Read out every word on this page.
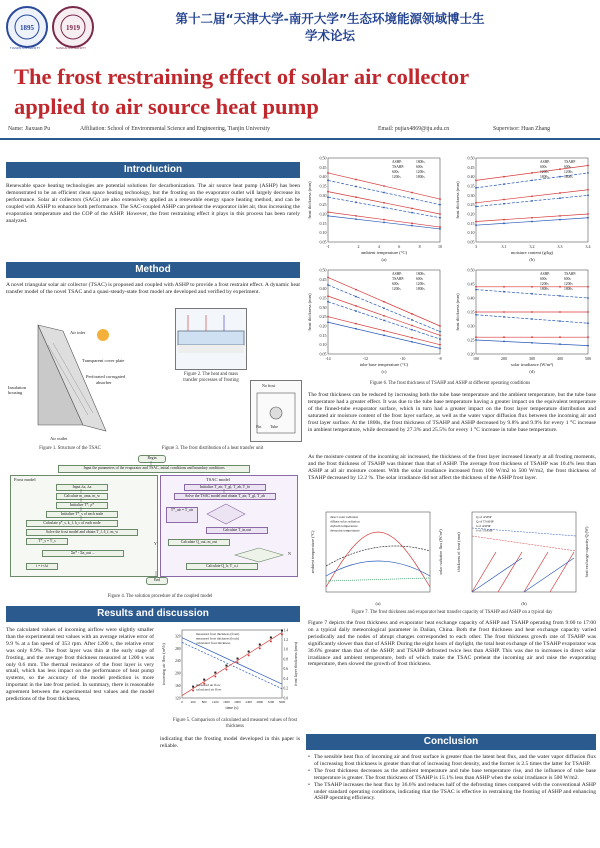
1895
TIANJIN UNIVERSITY
1919
NANKAI UNIVERSITY
第十二届“天津大学-南开大学”生态环境能源领域博士生
学术论坛
The frost restraining effect of solar air collector
applied to air source heat pump
Name: Jiaxuan Pu	Affiliation: School of Environmental Science and Engineering, Tianjin University	Email: pujiax4869@tju.edu.cn	Supervisor: Huan Zhang
Introduction
Renewable space heating technologies are potential solutions for decarbonization. The air source heat pump (ASHP) has been demonstrated to be an efficient clean space heating technology, but the frosting on the evaporator outlet will largely decrease its performance. Solar air collectors (SACs) are also extensively applied as a renewable energy space heating method, and can be coupled with ASHP to enhance both performance. The SAC-coupled ASHP can preheat the evaporator inlet air, thus increasing the evaporation temperature and the COP of the ASHP. However, the frost restraining effect it plays in this process has been rarely analyzed.
Method
A novel triangular solar air collector (TSAC) is proposed and coupled with ASHP to provide a frost restraint effect. A dynamic heat transfer model of the novel TSAC and a quasi-steady-state frost model are developed and verified by experiment.
Air inlet
Transparent cover plate
Perforated corrugated
absorber
Insulation housing
Air outlet
Figure 1. Structure of the TSAC
Figure 2. The heat and mass transfer processes of frosting
No frost
Tube
Fin
Figure 3. The frost distribution of a heat transfer unit
Begin
Input the parameters of the evaporator and TSAC, initial conditions and boundary conditions
Frost model	TSAC model
Input ∆z, ∆x
Calculate m_ama, m_w
Initialize T*, ρ*
Initialize T*_s of each node
Calculate ρ*_s, k_f, h_c of each node
Solve the frost model and obtain T_f, δ_f, m_w
T*_s = T_s
Σn* - Σn_out ...
t = t+∆t
Initialize T_air, T_gl, T_ab, T_fo
Solve the TSAC model and obtain T_air, T_gl, T_ab
T*_air = T_air
Calculate T_in,out
Calculate Q_out, m_out
Calculate Q_h, T_o,t
Y
N
End
Figure 4. The solution procedure of the coupled model
Results and discussion
The calculated values of incoming airflow were slightly smaller than the experimental test values with an average relative error of 9.9 % at a fan speed of 353 rpm. After 1200 s, the relative error was only 8.9%. The frost layer was thin at the early stage of frosting, and the average frost thickness measured at 1200 s was only 0.6 mm. The thermal resistance of the frost layer is very small, which has less impact on the performance of heat pump systems, so the accuracy of the model prediction is more important in the late frost period. In summary, there is reasonable agreement between the experimental test values and the model predictions of the frost thickness,	0 400 800 1200 1600 2000 2400 2800 3200 3600
120
160
200
240
280
320
0.0
0.2
0.4
0.6
0.8
1.0
1.2
1.4
time (s)
incoming air flow (m³/h)	frost layer thickness (mm)
measured frost thickness (front)
measured frost thickness (back)
calculated frost thickness
measured air flow
calculated air flow
Figure 5. Comparison of calculated and measured values of frost thickness
indicating that the frosting model developed in this paper is reliable.
-1	2	4	6	8	10
0.05
0.10
0.15
0.20
0.25
0.30
0.35
0.40
0.45
0.50
ambient temperature (°C)
frost thickness (mm)
(a)
ASHP:
TSAHP:
600s
1200s
1800s
600s
1200s
1800s
3	3.1	3.2	3.3	3.4
0.05
0.10
0.15
0.20
0.25
0.30
0.35
0.40
0.45
0.50
moisture content (g/kg)
frost thickness (mm)
(b)
ASHP:
600s
1200s
1800s
TSAHP
600s
1200s
1800s
-14	-12	-10	-8
0.05
0.10
0.15
0.20
0.25
0.30
0.35
0.40
0.45
0.50
tube base temperature (°C)
frost thickness (mm)
(c)
ASHP:
TSAHP:
600s
1200s
1800s
600s
1200s
1800s
100	200	300	400	500
0.20
0.25
0.30
0.35
0.40
0.45
0.50
solar irradiance (W/m²)
frost thickness (mm)
(d)
ASHP:
600s
1200s
1800s
TSAHP:
600s
1200s
1800s
Figure 6. The frost thickness of TSAHP and ASHP at different operating conditions
The frost thickness can be reduced by increasing both the tube base temperature and the ambient temperature, but the tube base temperature had a greater effect. It was due to the tube base temperature having a greater impact on the equivalent temperature of the finned-tube evaporator surface, which in turn had a greater impact on the frost layer temperature distribution and saturated air moisture content of the frost layer surface, as well as the water vapor diffusion flux between the incoming air and frost layer surface. At the 1800s, the frost thickness of TSAHP and ASHP decreased by 9.8% and 9.9% for every 1 °C increase in ambient temperature, while decreased by 27.3% and 25.5% for every 1 °C increase in tube base temperature.
As the moisture content of the incoming air increased, the thickness of the frost layer increased linearly at all frosting moments, and the frost thickness of TSAHP was thinner than that of ASHP. The average frost thickness of TSAHP was 10.4% less than ASHP at all air moisture content. With the solar irradiance increased from 100 W/m2 to 500 W/m2, the frost thickness of TSAHP decreased by 12.2 %. The solar irradiance did not affect the thickness of the ASHP frost layer.
ambient temperature (°C)	solar radiation flux (W/m²)
(a)
direct solar radiation
diffuse solar radiation
drybulb temperature
dewpoint temperature
thickness of frost (mm)	heat exchange capacity Q (W)
(b)
Q of ASHP
Q of TSAHP
δ of ASHP
δ of TSAHP
Figure 7. The frost thickness and evaporator heat transfer capacity of TSAHP and ASHP on a typical day
Figure 7 depicts the frost thickness and evaporator heat exchange capacity of ASHP and TSAHP operating from 9:00 to 17:00 on a typical daily meteorological parameter in Dalian, China. Both the frost thickness and heat exchange capacity varied periodically and the nodes of abrupt changes corresponded to each other. The frost thickness growth rate of TSAHP was significantly slower than that of ASHP. During the eight hours of daylight, the total heat exchange of the TSAHP evaporator was 36.6% greater than that of the ASHP, and TSAHP defrosted twice less than ASHP. This was due to increases in direct solar irradiance and ambient temperature, both of which make the TSAC preheat the incoming air and raise the evaporating temperature, then slowed the growth of frost thickness.
Conclusion
• The sensible heat flux of incoming air and frost surface is greater than the latent heat flux, and the water vapor diffusion flux of increasing frost thickness is greater than that of increasing frost density, and the former is 2.5 times the latter for TSAHP.
• The frost thickness decreases as the ambient temperature and tube base temperature rise, and the influence of tube base temperature is greater. The frost thickness of TSAHP is 15.1% less than ASHP when the solar irradiance is 500 W/m2.
• The TSAHP increases the heat flux by 36.6% and reduces half of the defrosting times compared with the conventional ASHP under standard operating conditions, indicating that the TSAC is effective in restraining the frosting of ASHP and enhancing ASHP operating efficiency.
